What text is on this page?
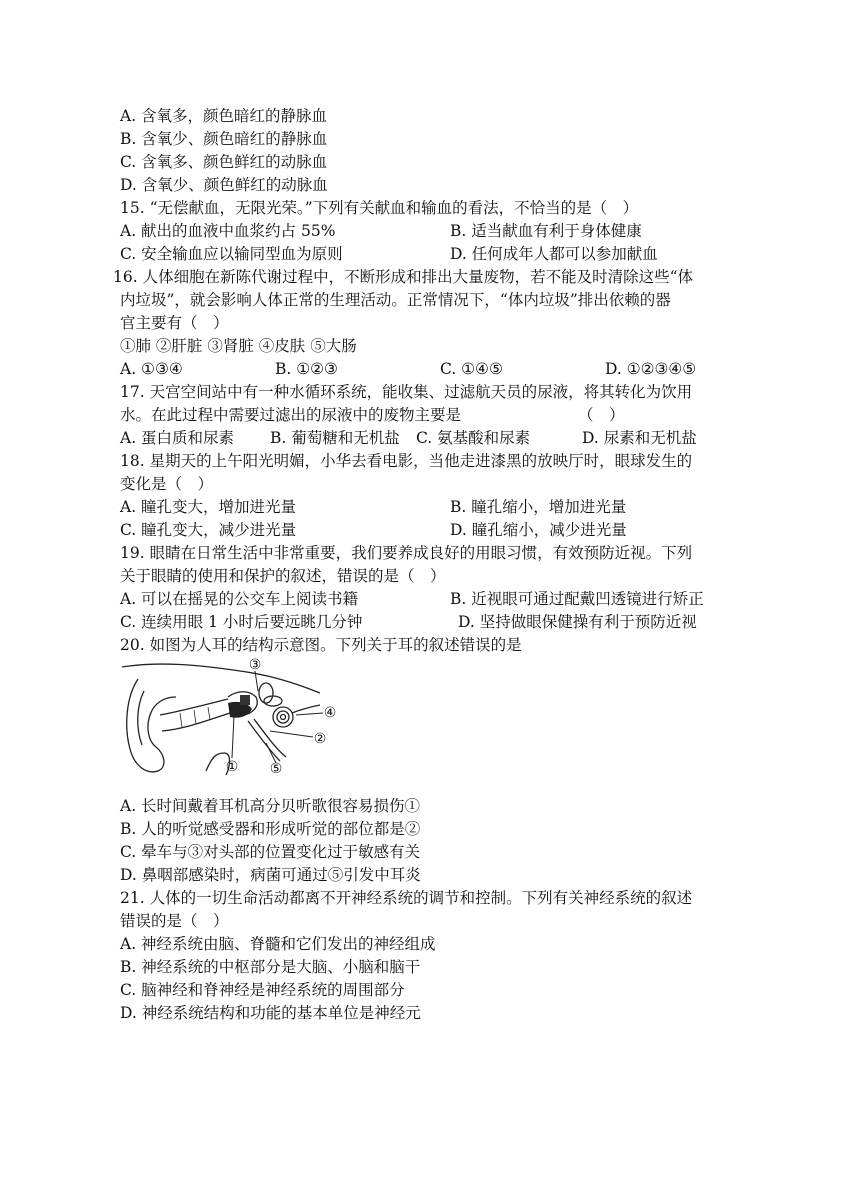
A. 含氧多，颜色暗红的静脉血
B. 含氧少、颜色暗红的静脉血
C. 含氧多、颜色鲜红的动脉血
D. 含氧少、颜色鲜红的动脉血
15. “无偿献血，无限光荣。”下列有关献血和输血的看法，不恰当的是（　）
A. 献出的血液中血浆约占 55%	B. 适当献血有利于身体健康
C. 安全输血应以输同型血为原则	D. 任何成年人都可以参加献血
16. 人体细胞在新陈代谢过程中，不断形成和排出大量废物，若不能及时清除这些“体
内垃圾”，就会影响人体正常的生理活动。正常情况下，“体内垃圾”排出依赖的器
官主要有（　）
①肺 ②肝脏 ③肾脏 ④皮肤 ⑤大肠
A. ①③④	B. ①②③	C. ①④⑤	D. ①②③④⑤
17. 天宫空间站中有一种水循环系统，能收集、过滤航天员的尿液，将其转化为饮用
水。在此过程中需要过滤出的尿液中的废物主要是	（　）
A. 蛋白质和尿素 B. 葡萄糖和无机盐 C. 氨基酸和尿素	D. 尿素和无机盐
18. 星期天的上午阳光明媚，小华去看电影，当他走进漆黑的放映厅时，眼球发生的
变化是（　）
A. 瞳孔变大，增加进光量	B. 瞳孔缩小，增加进光量
C. 瞳孔变大，减少进光量	D. 瞳孔缩小，减少进光量
19. 眼睛在日常生活中非常重要，我们要养成良好的用眼习惯，有效预防近视。下列
关于眼睛的使用和保护的叙述，错误的是（　）
A. 可以在摇晃的公交车上阅读书籍	B. 近视眼可通过配戴凹透镜进行矫正
C. 连续用眼 1 小时后要远眺几分钟	D. 坚持做眼保健操有利于预防近视
20. 如图为人耳的结构示意图。下列关于耳的叙述错误的是
③
④
②
① ⑤
A. 长时间戴着耳机高分贝听歌很容易损伤①
B. 人的听觉感受器和形成听觉的部位都是②
C. 晕车与③对头部的位置变化过于敏感有关
D. 鼻咽部感染时，病菌可通过⑤引发中耳炎
21. 人体的一切生命活动都离不开神经系统的调节和控制。下列有关神经系统的叙述
错误的是（　）
A. 神经系统由脑、脊髓和它们发出的神经组成
B. 神经系统的中枢部分是大脑、小脑和脑干
C. 脑神经和脊神经是神经系统的周围部分
D. 神经系统结构和功能的基本单位是神经元
